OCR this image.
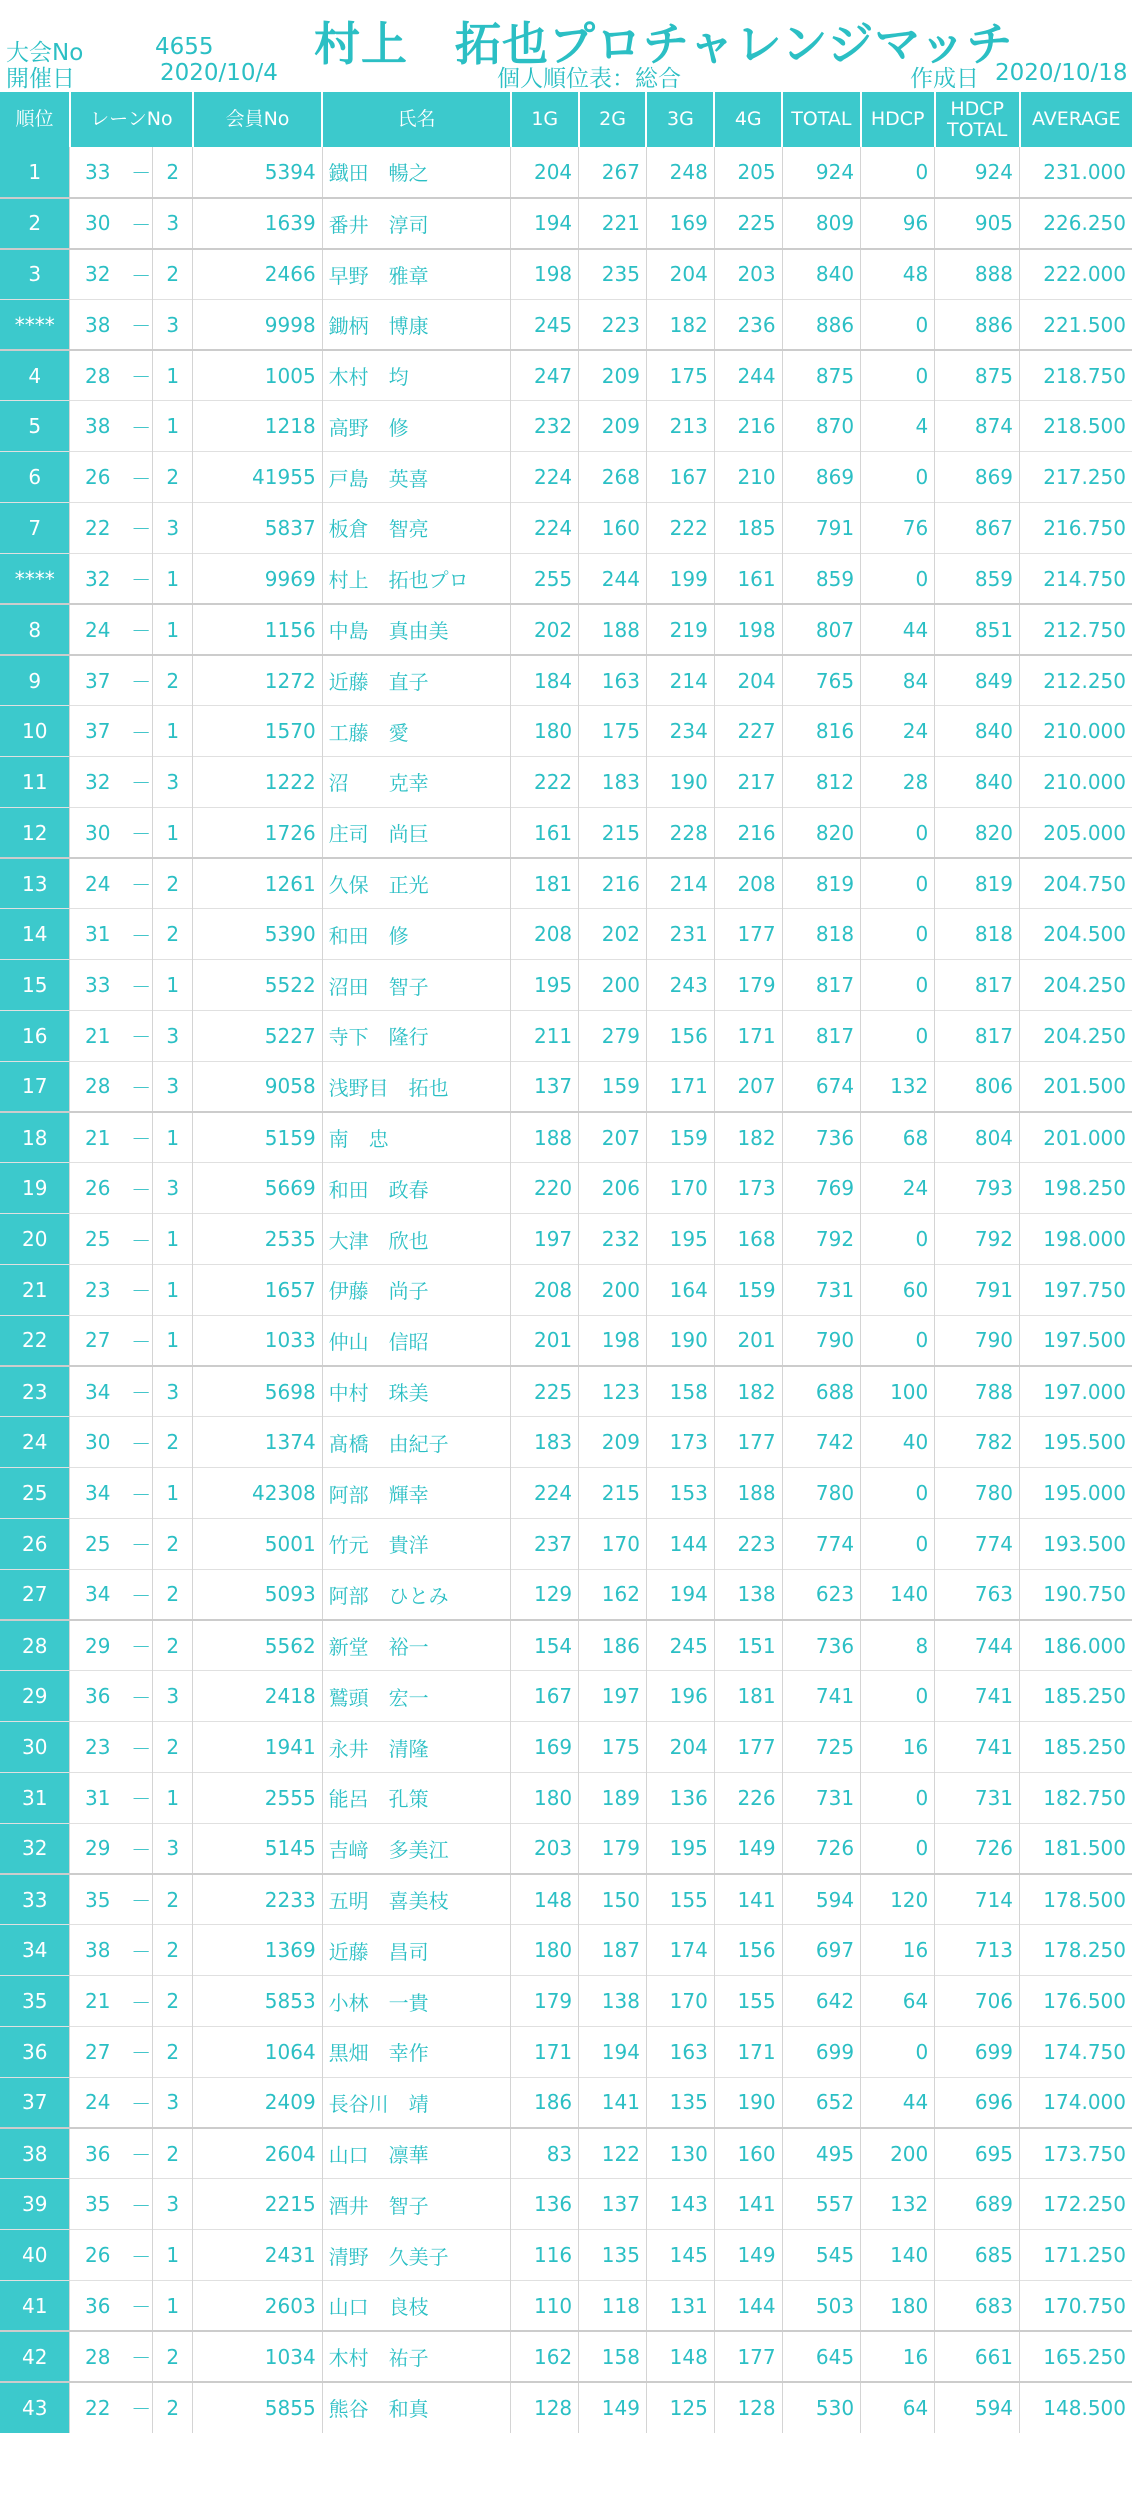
大会No	4655 村上　拓也プロチャレンジマッチ
開催日	2020/10/4	個人順位表：総合	作成日 2020/10/18
順位	レーンNo			会員No	氏名	1G	2G	3G	4G	TOTAL	HDCP	HDCP TOTAL	AVERAGE
1	33	－	2	5394	鐡田　暢之	204	267	248	205	924	0	924	231.000
2	30	－	3	1639	番井　淳司	194	221	169	225	809	96	905	226.250
3	32	－	2	2466	早野　雅章	198	235	204	203	840	48	888	222.000
****	38	－	3	9998	鋤柄　博康	245	223	182	236	886	0	886	221.500
4	28	－	1	1005	木村　均	247	209	175	244	875	0	875	218.750
5	38	－	1	1218	高野　修	232	209	213	216	870	4	874	218.500
6	26	－	2	41955	戸島　英喜	224	268	167	210	869	0	869	217.250
7	22	－	3	5837	板倉　智亮	224	160	222	185	791	76	867	216.750
****	32	－	1	9969	村上　拓也プロ	255	244	199	161	859	0	859	214.750
8	24	－	1	1156	中島　真由美	202	188	219	198	807	44	851	212.750
9	37	－	2	1272	近藤　直子	184	163	214	204	765	84	849	212.250
10	37	－	1	1570	工藤　愛	180	175	234	227	816	24	840	210.000
11	32	－	3	1222	沼　　克幸	222	183	190	217	812	28	840	210.000
12	30	－	1	1726	庄司　尚巨	161	215	228	216	820	0	820	205.000
13	24	－	2	1261	久保　正光	181	216	214	208	819	0	819	204.750
14	31	－	2	5390	和田　修	208	202	231	177	818	0	818	204.500
15	33	－	1	5522	沼田　智子	195	200	243	179	817	0	817	204.250
16	21	－	3	5227	寺下　隆行	211	279	156	171	817	0	817	204.250
17	28	－	3	9058	浅野目　拓也	137	159	171	207	674	132	806	201.500
18	21	－	1	5159	南　忠	188	207	159	182	736	68	804	201.000
19	26	－	3	5669	和田　政春	220	206	170	173	769	24	793	198.250
20	25	－	1	2535	大津　欣也	197	232	195	168	792	0	792	198.000
21	23	－	1	1657	伊藤　尚子	208	200	164	159	731	60	791	197.750
22	27	－	1	1033	仲山　信昭	201	198	190	201	790	0	790	197.500
23	34	－	3	5698	中村　珠美	225	123	158	182	688	100	788	197.000
24	30	－	2	1374	髙橋　由紀子	183	209	173	177	742	40	782	195.500
25	34	－	1	42308	阿部　輝幸	224	215	153	188	780	0	780	195.000
26	25	－	2	5001	竹元　貴洋	237	170	144	223	774	0	774	193.500
27	34	－	2	5093	阿部　ひとみ	129	162	194	138	623	140	763	190.750
28	29	－	2	5562	新堂　裕一	154	186	245	151	736	8	744	186.000
29	36	－	3	2418	鷲頭　宏一	167	197	196	181	741	0	741	185.250
30	23	－	2	1941	永井　清隆	169	175	204	177	725	16	741	185.250
31	31	－	1	2555	能呂　孔策	180	189	136	226	731	0	731	182.750
32	29	－	3	5145	吉﨑　多美江	203	179	195	149	726	0	726	181.500
33	35	－	2	2233	五明　喜美枝	148	150	155	141	594	120	714	178.500
34	38	－	2	1369	近藤　昌司	180	187	174	156	697	16	713	178.250
35	21	－	2	5853	小林　一貴	179	138	170	155	642	64	706	176.500
36	27	－	2	1064	黒畑　幸作	171	194	163	171	699	0	699	174.750
37	24	－	3	2409	長谷川　靖	186	141	135	190	652	44	696	174.000
38	36	－	2	2604	山口　凛華	83	122	130	160	495	200	695	173.750
39	35	－	3	2215	酒井　智子	136	137	143	141	557	132	689	172.250
40	26	－	1	2431	清野　久美子	116	135	145	149	545	140	685	171.250
41	36	－	1	2603	山口　良枝	110	118	131	144	503	180	683	170.750
42	28	－	2	1034	木村　祐子	162	158	148	177	645	16	661	165.250
43	22	－	2	5855	熊谷　和真	128	149	125	128	530	64	594	148.500
